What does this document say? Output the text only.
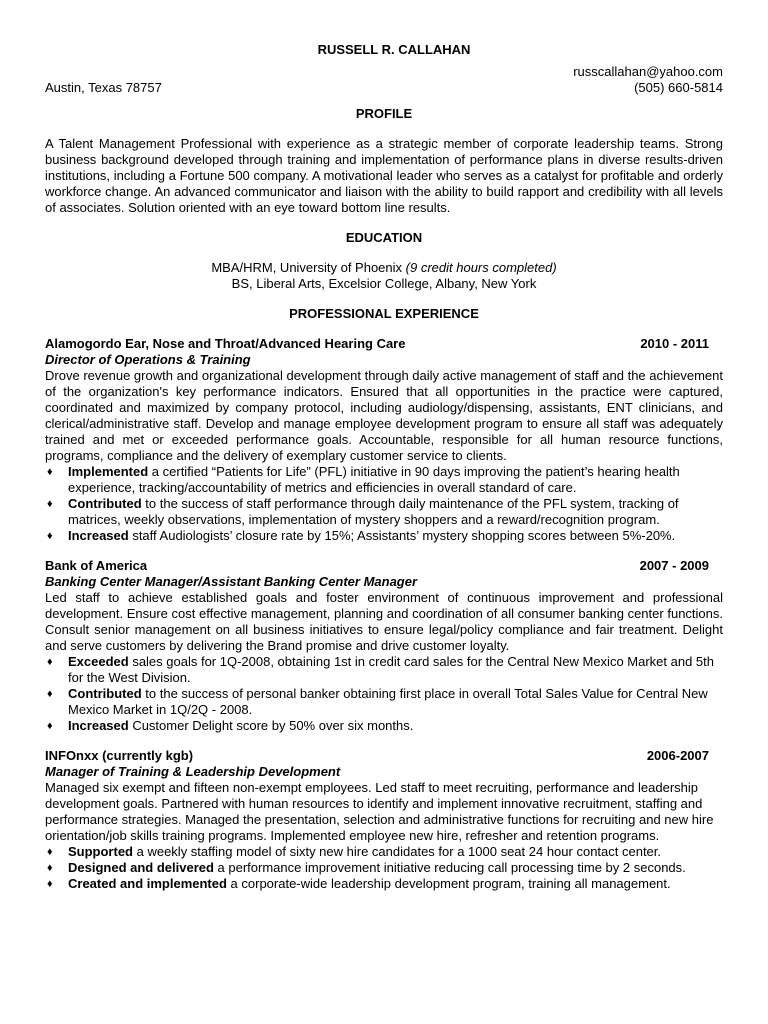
RUSSELL R. CALLAHAN
Austin, Texas 78757
russcallahan@yahoo.com
(505) 660-5814
PROFILE

A Talent Management Professional with experience as a strategic member of corporate leadership teams. Strong business background developed through training and implementation of performance plans in diverse results-driven institutions, including a Fortune 500 company. A motivational leader who serves as a catalyst for profitable and orderly workforce change. An advanced communicator and liaison with the ability to build rapport and credibility with all levels of associates. Solution oriented with an eye toward bottom line results.

EDUCATION
MBA/HRM, University of Phoenix (9 credit hours completed)
BS, Liberal Arts, Excelsior College, Albany, New York
PROFESSIONAL EXPERIENCE
Alamogordo Ear, Nose and Throat/Advanced Hearing Care	2010 - 2011
Director of Operations & Training

Drove revenue growth and organizational development through daily active management of staff and the achievement of the organization's key performance indicators. Ensured that all opportunities in the practice were captured, coordinated and maximized by company protocol, including audiology/dispensing, assistants, ENT clinicians, and clerical/administrative staff. Develop and manage employee development program to ensure all staff was adequately trained and met or exceeded performance goals. Accountable, responsible for all human resource functions, programs, compliance and the delivery of exemplary customer service to clients.

♦ Implemented a certified “Patients for Life” (PFL) initiative in 90 days improving the patient’s hearing health experience, tracking/accountability of metrics and efficiencies in overall standard of care.
♦ Contributed to the success of staff performance through daily maintenance of the PFL system, tracking of matrices, weekly observations, implementation of mystery shoppers and a reward/recognition program.
♦ Increased staff Audiologists’ closure rate by 15%; Assistants’ mystery shopping scores between 5%-20%.
Bank of America	2007 - 2009
Banking Center Manager/Assistant Banking Center Manager

Led staff to achieve established goals and foster environment of continuous improvement and professional development. Ensure cost effective management, planning and coordination of all consumer banking center functions. Consult senior management on all business initiatives to ensure legal/policy compliance and fair treatment. Delight and serve customers by delivering the Brand promise and drive customer loyalty.

♦ Exceeded sales goals for 1Q-2008, obtaining 1st in credit card sales for the Central New Mexico Market and 5th for the West Division.
♦ Contributed to the success of personal banker obtaining first place in overall Total Sales Value for Central New Mexico Market in 1Q/2Q - 2008.
♦ Increased Customer Delight score by 50% over six months.
INFOnxx (currently kgb)	2006-2007
Manager of Training & Leadership Development

Managed six exempt and fifteen non-exempt employees. Led staff to meet recruiting, performance and leadership development goals. Partnered with human resources to identify and implement innovative recruitment, staffing and performance strategies. Managed the presentation, selection and administrative functions for recruiting and new hire orientation/job skills training programs. Implemented employee new hire, refresher and retention programs.

♦ Supported a weekly staffing model of sixty new hire candidates for a 1000 seat 24 hour contact center.
♦ Designed and delivered a performance improvement initiative reducing call processing time by 2 seconds.
♦ Created and implemented a corporate-wide leadership development program, training all management.
